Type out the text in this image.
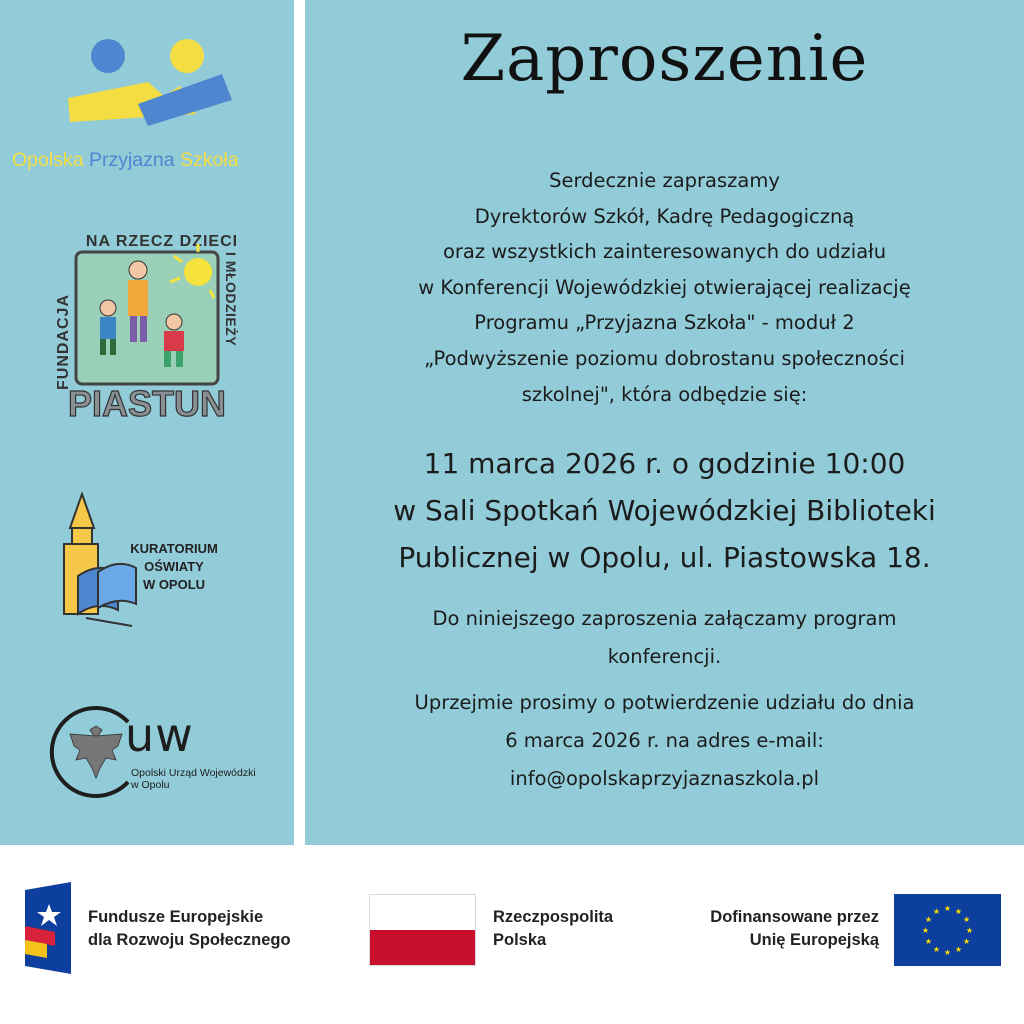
Opolska Przyjazna Szkoła
NA RZECZ DZIECI
FUNDACJA	I MŁODZIEŻY
PIASTUN
KURATORIUM
OŚWIATY
W OPOLU
uw
Opolski Urząd Wojewódzki
w Opolu
Zaproszenie
Serdecznie zapraszamy
Dyrektorów Szkół, Kadrę Pedagogiczną
oraz wszystkich zainteresowanych do udziału
w Konferencji Wojewódzkiej otwierającej realizację
Programu „Przyjazna Szkoła" - moduł 2
„Podwyższenie poziomu dobrostanu społeczności
szkolnej", która odbędzie się:
11 marca 2026 r. o godzinie 10:00
w Sali Spotkań Wojewódzkiej Biblioteki
Publicznej w Opolu, ul. Piastowska 18.
Do niniejszego zaproszenia załączamy program
konferencji.
Uprzejmie prosimy o potwierdzenie udziału do dnia
6 marca 2026 r. na adres e-mail:
info@opolskaprzyjaznaszkola.pl
Fundusze Europejskie
dla Rozwoju Społecznego
Rzeczpospolita
Polska
Dofinansowane przez
Unię Europejską
★
★
★
★
★
★
★
★
★ ★ ★
★
